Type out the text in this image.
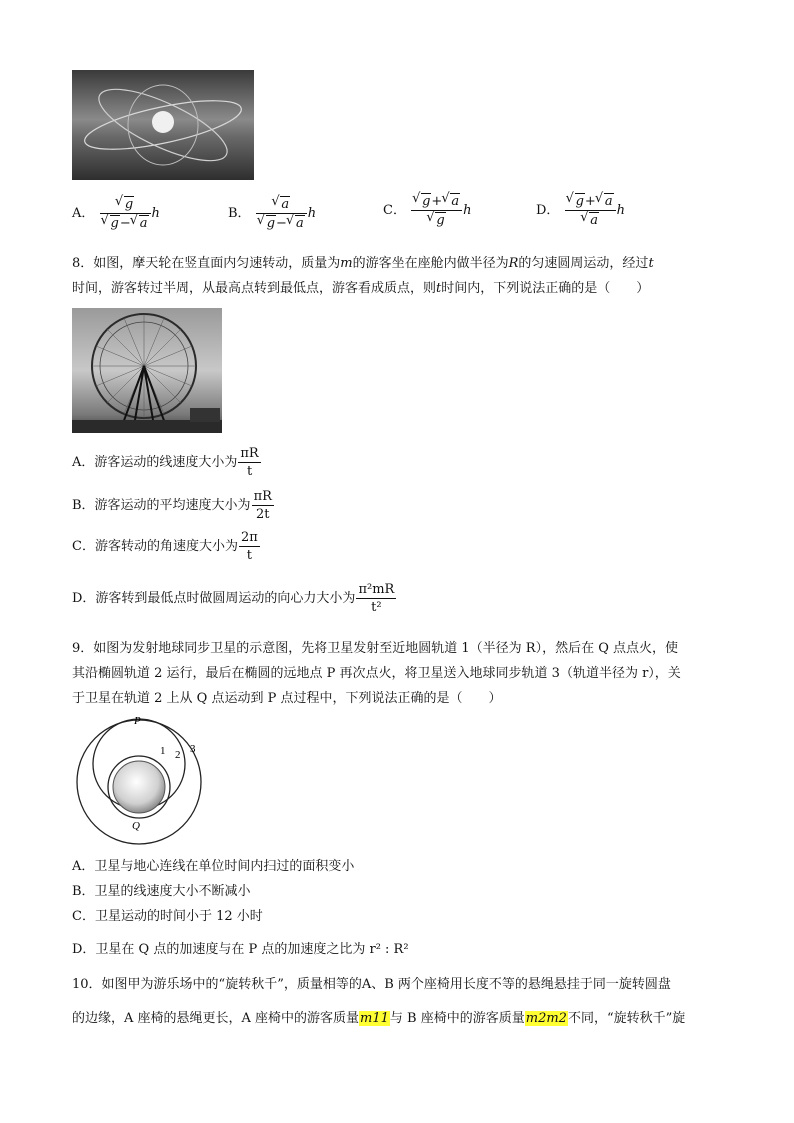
A． √ g
√ g− √ a h	B． √ a
√ g− √ a h	C． √ g+ √ a
√ g h	D． √ g+ √ a
√ a h
8．如图，摩天轮在竖直面内匀速转动，质量为m的游客坐在座舱内做半径为R的匀速圆周运动，经过t
时间，游客转过半周，从最高点转到最低点，游客看成质点，则t时间内，下列说法正确的是（　　）
A．游客运动的线速度大小为 $\frac{\pi R}{t}$
B．游客运动的平均速度大小为 $\frac{\pi R}{2t}$
C．游客转动的角速度大小为 $\frac{2\pi}{t}$
D．游客转到最低点时做圆周运动的向心力大小为 $\frac{\text{π²mR}}{\text{t²}}$
9．如图为发射地球同步卫星的示意图，先将卫星发射至近地圆轨道 1（半径为 R），然后在 Q 点点火，使
其沿椭圆轨道 2 运行，最后在椭圆的远地点 P 再次点火，将卫星送入地球同步轨道 3（轨道半径为 r），关
于卫星在轨道 2 上从 Q 点运动到 P 点过程中，下列说法正确的是（　　）
P
Q
1 2 3
A．卫星与地心连线在单位时间内扫过的面积变小
B．卫星的线速度大小不断减小
C．卫星运动的时间小于 12 小时
D．卫星在 Q 点的加速度与在 P 点的加速度之比为 r² : R²
10．如图甲为游乐场中的“旋转秋千”，质量相等的A、B 两个座椅用长度不等的悬绳悬挂于同一旋转圆盘
的边缘，A 座椅的悬绳更长，A 座椅中的游客质量m11与 B 座椅中的游客质量m2m2不同，“旋转秋千”旋
